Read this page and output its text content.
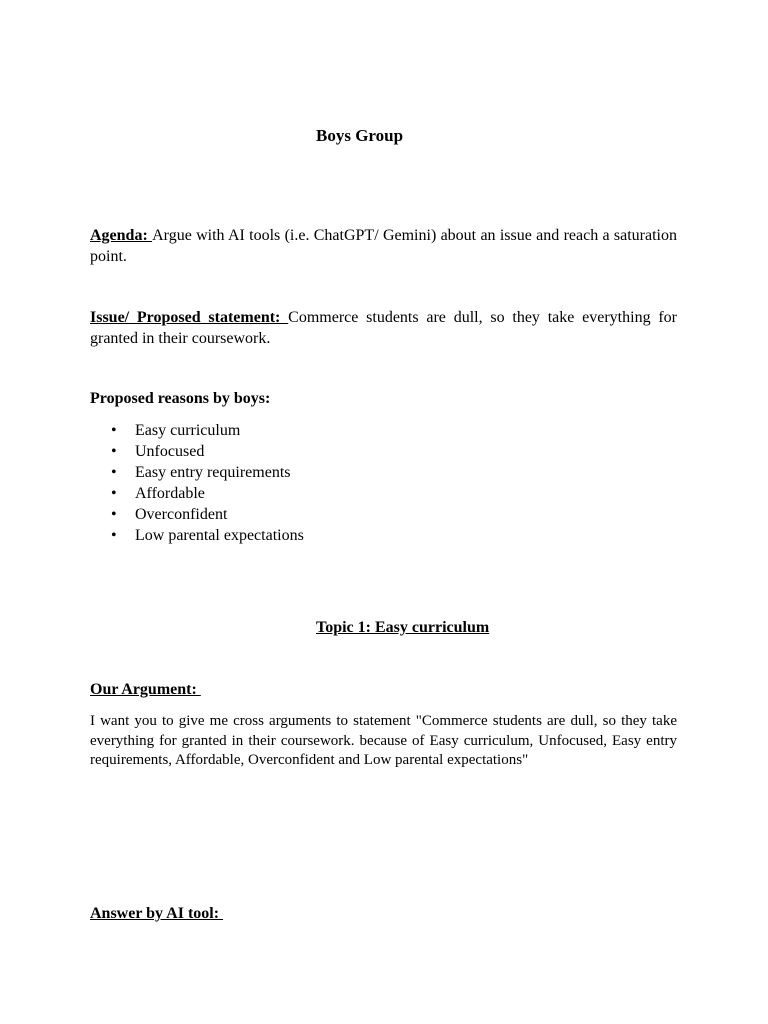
Boys Group

Agenda: Argue with AI tools (i.e. ChatGPT/ Gemini) about an issue and reach a saturation point.

Issue/ Proposed statement: Commerce students are dull, so they take everything for granted in their coursework.

Proposed reasons by boys:

• Easy curriculum
• Unfocused
• Easy entry requirements
• Affordable
• Overconfident
• Low parental expectations

Topic 1: Easy curriculum

Our Argument:

I want you to give me cross arguments to statement "Commerce students are dull, so they take everything for granted in their coursework. because of Easy curriculum, Unfocused, Easy entry requirements, Affordable, Overconfident and Low parental expectations"

Answer by AI tool:
